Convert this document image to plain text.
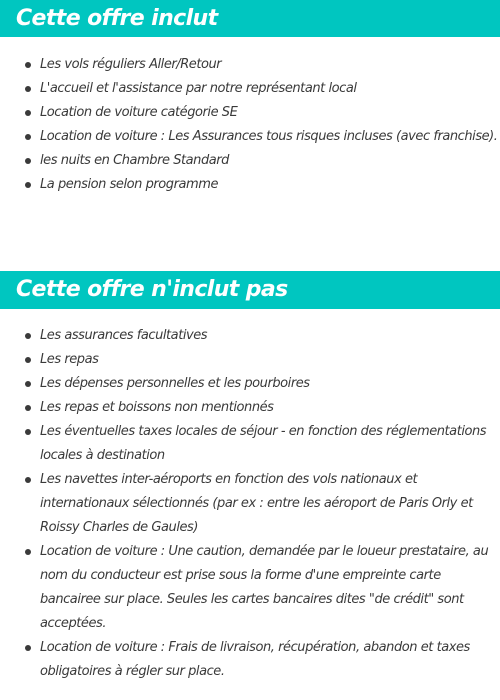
Cette offre inclut
Les vols réguliers Aller/Retour
L'accueil et l'assistance par notre représentant local
Location de voiture catégorie SE
Location de voiture : Les Assurances tous risques incluses (avec franchise).
les nuits en Chambre Standard
La pension selon programme
Cette offre n'inclut pas
Les assurances facultatives
Les repas
Les dépenses personnelles et les pourboires
Les repas et boissons non mentionnés
Les éventuelles taxes locales de séjour - en fonction des réglementations locales à destination
Les navettes inter-aéroports en fonction des vols nationaux et internationaux sélectionnés (par ex : entre les aéroport de Paris Orly et Roissy Charles de Gaules)
Location de voiture : Une caution, demandée par le loueur prestataire, au nom du conducteur est prise sous la forme d'une empreinte carte bancairee sur place. Seules les cartes bancaires dites "de crédit" sont acceptées.
Location de voiture : Frais de livraison, récupération, abandon et taxes obligatoires à régler sur place.
